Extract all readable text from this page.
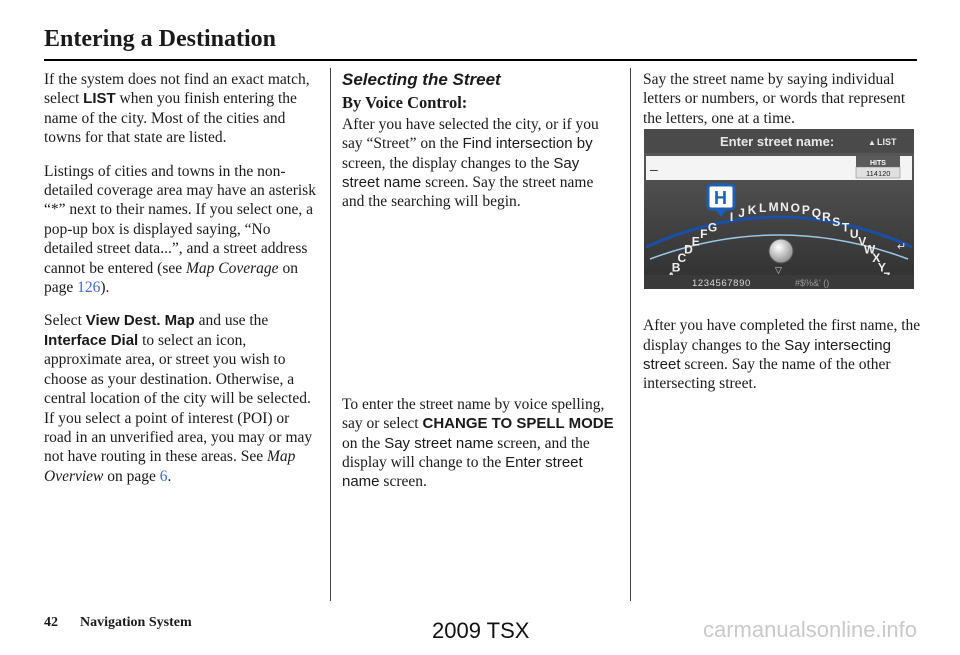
Entering a Destination

If the system does not find an exact match, select LIST when you finish entering the name of the city. Most of the cities and towns for that state are listed.

Listings of cities and towns in the non-detailed coverage area may have an asterisk “*” next to their names. If you select one, a pop-up box is displayed saying, “No detailed street data...”, and a street address cannot be entered (see Map Coverage on page 126).

Select View Dest. Map and use the Interface Dial to select an icon, approximate area, or street you wish to choose as your destination. Otherwise, a central location of the city will be selected. If you select a point of interest (POI) or road in an unverified area, you may or may not have routing in these areas. See Map Overview on page 6.

Selecting the Street
By Voice Control:

After you have selected the city, or if you say “Street” on the Find intersection by screen, the display changes to the Say street name screen. Say the street name and the searching will begin.

To enter the street name by voice spelling, say or select CHANGE TO SPELL MODE on the Say street name screen, and the display will change to the Enter street name screen.

Say the street name by saying individual letters or numbers, or words that represent the letters, one at a time.

After you have completed the first name, the display changes to the Say intersecting street screen. Say the name of the other intersecting street.

Enter street name:	▲ LIST
–	HITS
114120
B
C
D
E
F G
I J K L M N O P Q R S T U
V
W
X
Y
H
▽
1234567890	#$%&' ()
↵
42 Navigation System	2009 TSX	carmanualsonline.info
